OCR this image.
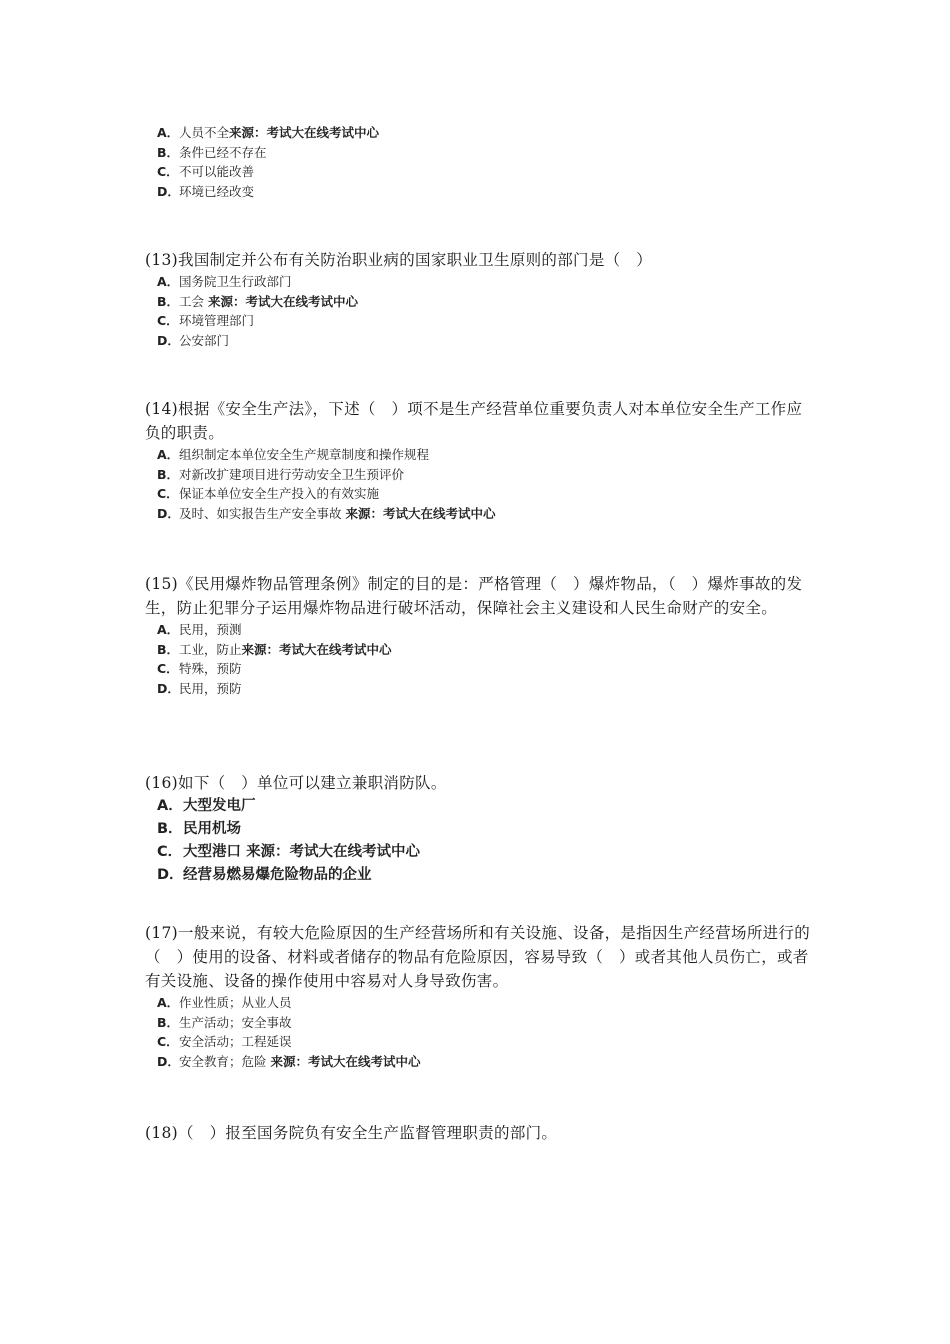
A．人员不全来源：考试大在线考试中心
B．条件已经不存在
C．不可以能改善
D．环境已经改变

(13)我国制定并公布有关防治职业病的国家职业卫生原则的部门是（　）

A．国务院卫生行政部门
B．工会 来源：考试大在线考试中心
C．环境管理部门
D．公安部门

(14)根据《安全生产法》，下述（　）项不是生产经营单位重要负责人对本单位安全生产工作应负的职责。

A．组织制定本单位安全生产规章制度和操作规程
B．对新改扩建项目进行劳动安全卫生预评价
C．保证本单位安全生产投入的有效实施
D．及时、如实报告生产安全事故 来源：考试大在线考试中心

(15)《民用爆炸物品管理条例》制定的目的是：严格管理（　）爆炸物品，（　）爆炸事故的发生，防止犯罪分子运用爆炸物品进行破坏活动，保障社会主义建设和人民生命财产的安全。

A．民用，预测
B．工业，防止来源：考试大在线考试中心
C．特殊，预防
D．民用，预防

(16)如下（　）单位可以建立兼职消防队。

A．大型发电厂
B．民用机场
C．大型港口 来源：考试大在线考试中心
D．经营易燃易爆危险物品的企业

(17)一般来说，有较大危险原因的生产经营场所和有关设施、设备，是指因生产经营场所进行的（　）使用的设备、材料或者储存的物品有危险原因，容易导致（　）或者其他人员伤亡，或者有关设施、设备的操作使用中容易对人身导致伤害。

A．作业性质；从业人员
B．生产活动；安全事故
C．安全活动；工程延误
D．安全教育；危险 来源：考试大在线考试中心

(18)（　）报至国务院负有安全生产监督管理职责的部门。
